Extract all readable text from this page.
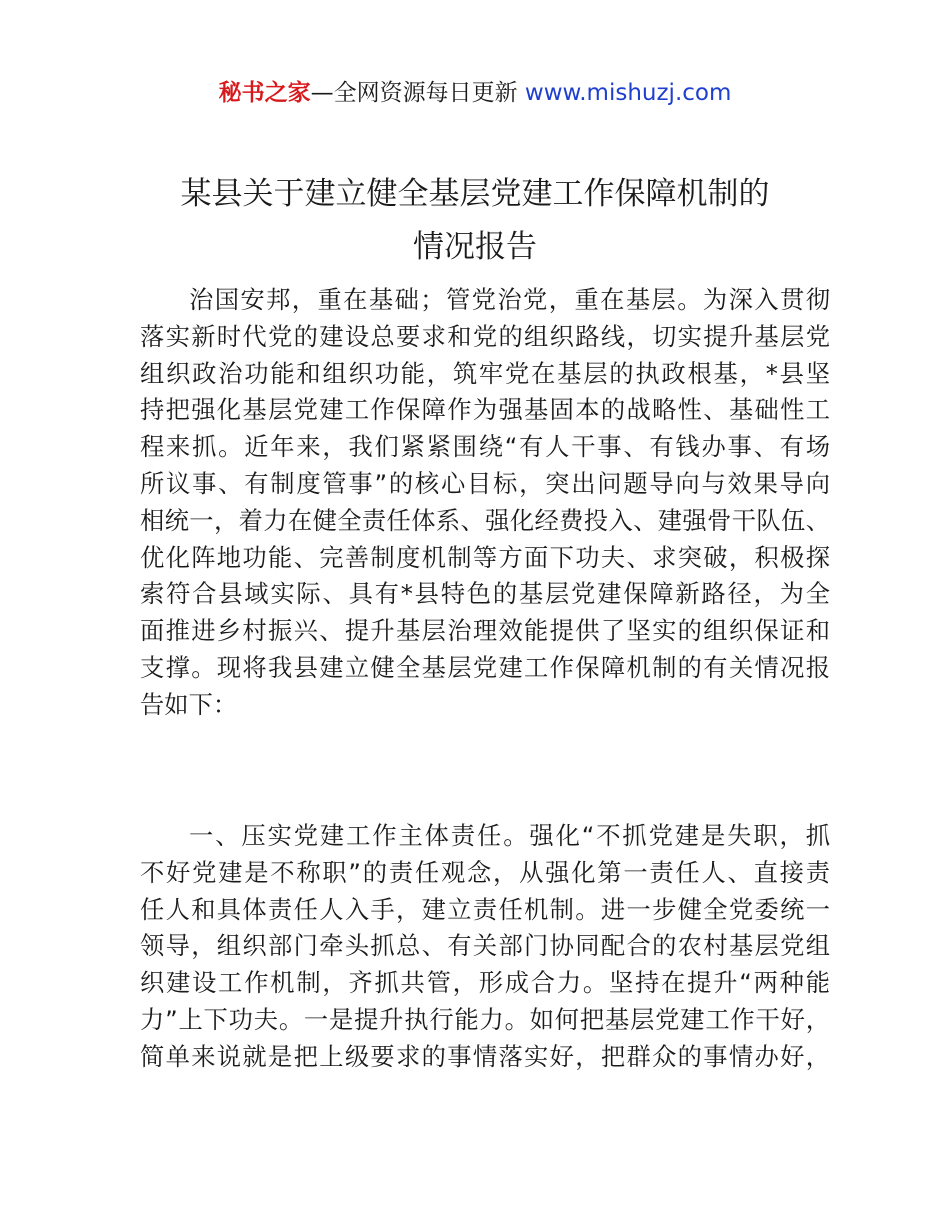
秘书之家—全网资源每日更新 www.mishuzj.com
某县关于建立健全基层党建工作保障机制的
情况报告
治国安邦，重在基础；管党治党，重在基层。为深入贯彻
落实新时代党的建设总要求和党的组织路线，切实提升基层党
组织政治功能和组织功能，筑牢党在基层的执政根基，*县坚
持把强化基层党建工作保障作为强基固本的战略性、基础性工
程来抓。近年来，我们紧紧围绕“有人干事、有钱办事、有场
所议事、有制度管事”的核心目标，突出问题导向与效果导向
相统一，着力在健全责任体系、强化经费投入、建强骨干队伍、
优化阵地功能、完善制度机制等方面下功夫、求突破，积极探
索符合县域实际、具有*县特色的基层党建保障新路径，为全
面推进乡村振兴、提升基层治理效能提供了坚实的组织保证和
支撑。现将我县建立健全基层党建工作保障机制的有关情况报
告如下：
一、压实党建工作主体责任。强化“不抓党建是失职，抓
不好党建是不称职”的责任观念，从强化第一责任人、直接责
任人和具体责任人入手，建立责任机制。进一步健全党委统一
领导，组织部门牵头抓总、有关部门协同配合的农村基层党组
织建设工作机制，齐抓共管，形成合力。坚持在提升“两种能
力”上下功夫。一是提升执行能力。如何把基层党建工作干好，
简单来说就是把上级要求的事情落实好，把群众的事情办好，
